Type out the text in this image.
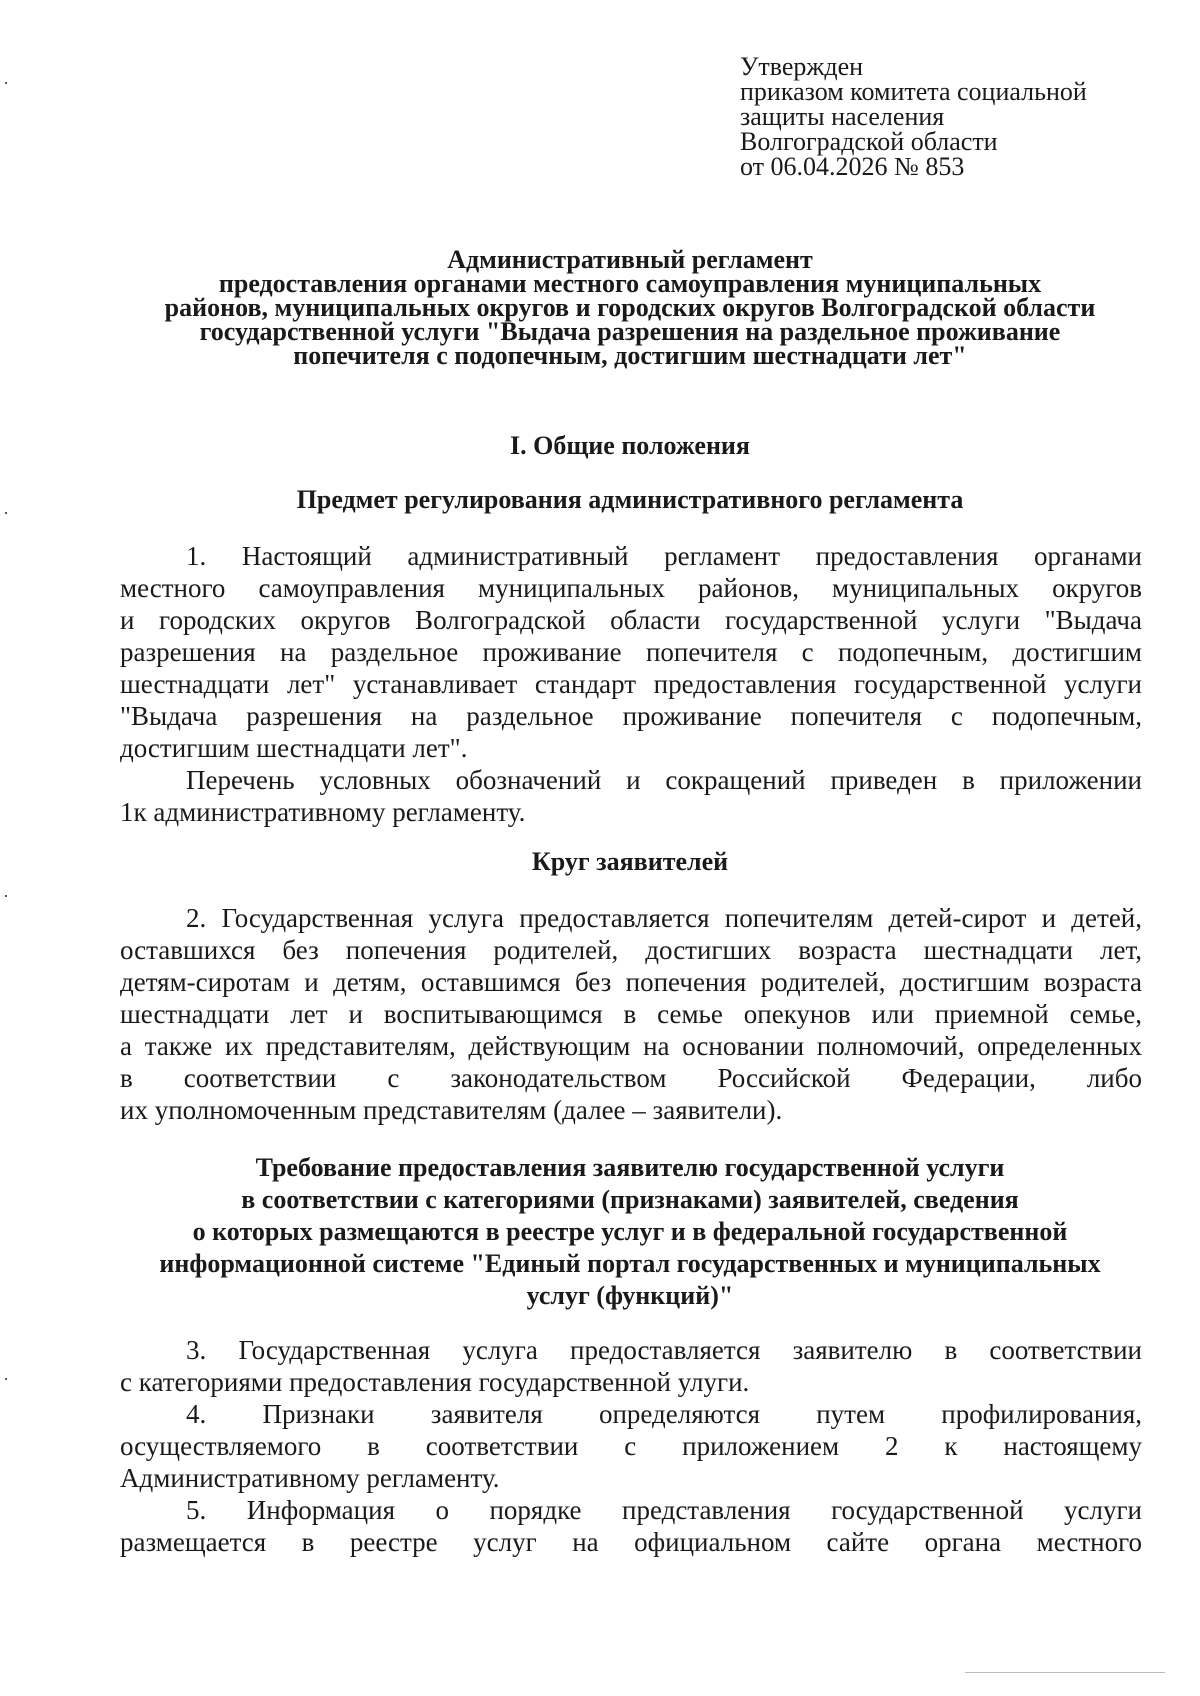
Утвержден
приказом комитета социальной
защиты населения
Волгоградской области
от 06.04.2026 № 853
Административный регламент
предоставления органами местного самоуправления муниципальных
районов, муниципальных округов и городских округов Волгоградской области
государственной услуги "Выдача разрешения на раздельное проживание
попечителя с подопечным, достигшим шестнадцати лет"
I. Общие положения
Предмет регулирования административного регламента
1. Настоящий административный регламент предоставления органами
местного самоуправления муниципальных районов, муниципальных округов
и городских округов Волгоградской области государственной услуги "Выдача
разрешения на раздельное проживание попечителя с подопечным, достигшим
шестнадцати лет" устанавливает стандарт предоставления государственной услуги
"Выдача разрешения на раздельное проживание попечителя с подопечным,
достигшим шестнадцати лет".
Перечень условных обозначений и сокращений приведен в приложении
1к административному регламенту.
Круг заявителей
2. Государственная услуга предоставляется попечителям детей-сирот и детей,
оставшихся без попечения родителей, достигших возраста шестнадцати лет,
детям-сиротам и детям, оставшимся без попечения родителей, достигшим возраста
шестнадцати лет и воспитывающимся в семье опекунов или приемной семье,
а также их представителям, действующим на основании полномочий, определенных
в соответствии с законодательством Российской Федерации, либо
их уполномоченным представителям (далее – заявители).
Требование предоставления заявителю государственной услуги
в соответствии с категориями (признаками) заявителей, сведения
о которых размещаются в реестре услуг и в федеральной государственной
информационной системе "Единый портал государственных и муниципальных
услуг (функций)"
3. Государственная услуга предоставляется заявителю в соответствии
с категориями предоставления государственной улуги.
4. Признаки заявителя определяются путем профилирования,
осуществляемого в соответствии с приложением 2 к настоящему
Административному регламенту.
5. Информация о порядке представления государственной услуги
размещается в реестре услуг на официальном сайте органа местного
